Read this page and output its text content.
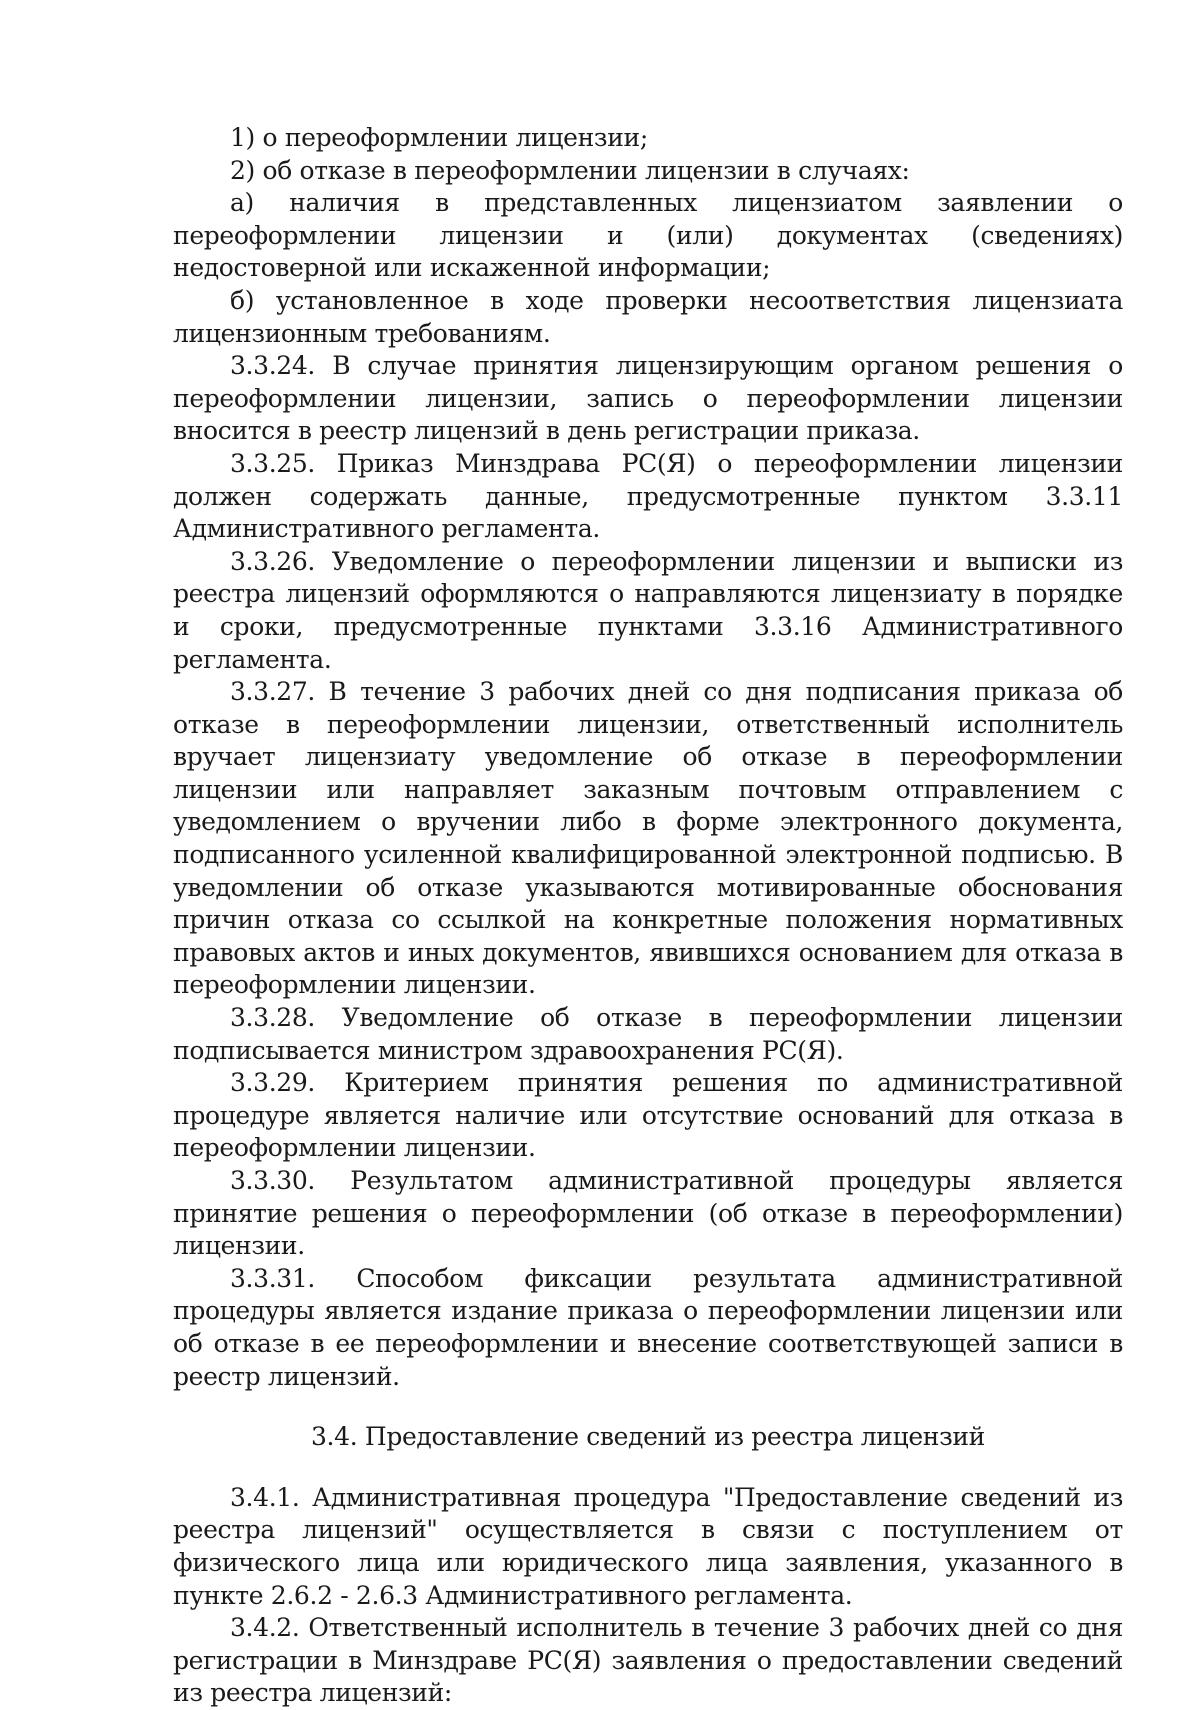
1) о переоформлении лицензии;

2) об отказе в переоформлении лицензии в случаях:

а) наличия в представленных лицензиатом заявлении о переоформлении лицензии и (или) документах (сведениях) недостоверной или искаженной информации;

б) установленное в ходе проверки несоответствия лицензиата лицензионным требованиям.

3.3.24. В случае принятия лицензирующим органом решения о переоформлении лицензии, запись о переоформлении лицензии вносится в реестр лицензий в день регистрации приказа.

3.3.25. Приказ Минздрава РС(Я) о переоформлении лицензии должен содержать данные, предусмотренные пунктом 3.3.11 Административного регламента.

3.3.26. Уведомление о переоформлении лицензии и выписки из реестра лицензий оформляются о направляются лицензиату в порядке и сроки, предусмотренные пунктами 3.3.16 Административного регламента.

3.3.27. В течение 3 рабочих дней со дня подписания приказа об отказе в переоформлении лицензии, ответственный исполнитель вручает лицензиату уведомление об отказе в переоформлении лицензии или направляет заказным почтовым отправлением с уведомлением о вручении либо в форме электронного документа, подписанного усиленной квалифицированной электронной подписью. В уведомлении об отказе указываются мотивированные обоснования причин отказа со ссылкой на конкретные положения нормативных правовых актов и иных документов, явившихся основанием для отказа в переоформлении лицензии.

3.3.28. Уведомление об отказе в переоформлении лицензии подписывается министром здравоохранения РС(Я).

3.3.29. Критерием принятия решения по административной процедуре является наличие или отсутствие оснований для отказа в переоформлении лицензии.

3.3.30. Результатом административной процедуры является принятие решения о переоформлении (об отказе в переоформлении) лицензии.

3.3.31. Способом фиксации результата административной процедуры является издание приказа о переоформлении лицензии или об отказе в ее переоформлении и внесение соответствующей записи в реестр лицензий.

3.4. Предоставление сведений из реестра лицензий

3.4.1. Административная процедура "Предоставление сведений из реестра лицензий" осуществляется в связи с поступлением от физического лица или юридического лица заявления, указанного в пункте 2.6.2 - 2.6.3 Административного регламента.

3.4.2. Ответственный исполнитель в течение 3 рабочих дней со дня регистрации в Минздраве РС(Я) заявления о предоставлении сведений из реестра лицензий:
